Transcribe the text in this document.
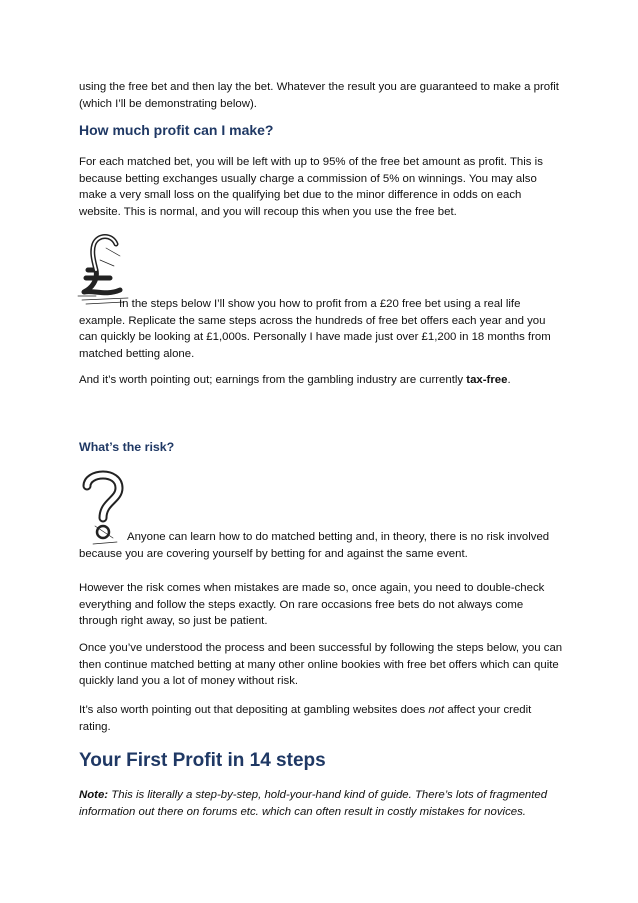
using the free bet and then lay the bet. Whatever the result you are guaranteed to make a profit (which I’ll be demonstrating below).

How much profit can I make?

For each matched bet, you will be left with up to 95% of the free bet amount as profit. This is because betting exchanges usually charge a commission of 5% on winnings. You may also make a very small loss on the qualifying bet due to the minor difference in odds on each website. This is normal, and you will recoup this when you use the free bet.

In the steps below I’ll show you how to profit from a £20 free bet using a real life example. Replicate the same steps across the hundreds of free bet offers each year and you can quickly be looking at £1,000s. Personally I have made just over £1,200 in 18 months from matched betting alone.

And it’s worth pointing out; earnings from the gambling industry are currently tax-free.

What’s the risk?

Anyone can learn how to do matched betting and, in theory, there is no risk involved because you are covering yourself by betting for and against the same event.

However the risk comes when mistakes are made so, once again, you need to double-check everything and follow the steps exactly. On rare occasions free bets do not always come through right away, so just be patient.

Once you’ve understood the process and been successful by following the steps below, you can then continue matched betting at many other online bookies with free bet offers which can quite quickly land you a lot of money without risk.

It’s also worth pointing out that depositing at gambling websites does not affect your credit rating.

Your First Profit in 14 steps

Note: This is literally a step-by-step, hold-your-hand kind of guide. There’s lots of fragmented information out there on forums etc. which can often result in costly mistakes for novices.
